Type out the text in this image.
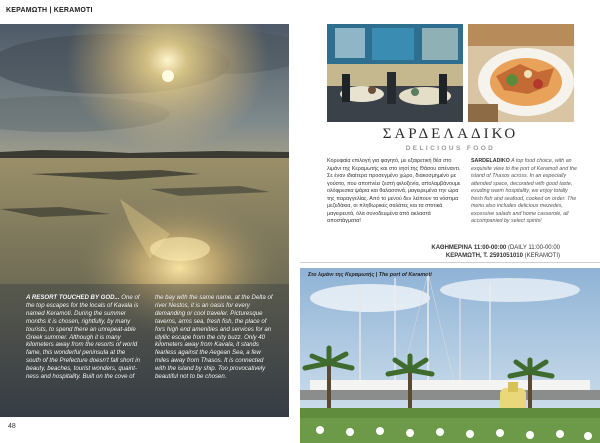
ΚΕΡΑΜΩΤΗ | KERAMOTI
A RESORT TOUCHED BY GOD... One of the top escapes for the locals of Kavala is named Keramoti. During the summer months it is chosen, rightfully, by many tourists, to spend there an unrepeat-able Greek summer. Although it is many kilometers away from the resorts of world fame, this wonderful peninsula at the south of the Prefecture doesn't fall short in beauty, beaches, tourist wonders, quaint-ness and hospitality. Built on the cove of
the bay with the same name, at the Delta of river Nestos, it is an oasis for every demanding or cool traveler. Picturesque taverns, arms sea, fresh fish, the place of fors high end amenities and services for an idyllic escape from the city buzz. Only 40 kilometers away from Kavala, it stands fearless against the Aegean Sea, a few miles away from Thasos. It is connected with the island by ship. Too provocatively beautiful not to be chosen.
48
ΣΑΡΔΕΛΑΔΙΚΟ
DELICIOUS FOOD
Κορυφαία επιλογή για φαγητό, με εξαιρετική θέα στο λιμάνι της Κεραμωτής και στο νησί της Θάσου απέναντι. Σε έναν ιδιαίτερα προσεγμένο χώρο, διακοσμημένο με γούστο, που αποπνέει ζεστή φιλοξενία, απολαμβάνουμε ολόφρεσκα ψάρια και θαλασσινά, μαγειρεμένα την ώρα της παραγγελίας. Από το μενού δεν λείπουν τα νόστιμα μεζεδάκια, οι πληθωρικές σαλάτες και τα σπιτικά μαγειρευτά, όλα συνοδευμένα από ακλαστά αποστάγματα!
SARDELADIKO A top food choice, with an exquisite view to the port of Keramoti and the island of Thasos across. In an especially attended space, decorated with good taste, exuding warm hospitality, we enjoy totally fresh fish and seafood, cooked on order. The menu also includes delicious mezedes, excessive salads and home casserole, all accompanied by select spirits!
ΚΑΘΗΜΕΡΙΝΑ 11:00-00:00 (DAILY 11:00-00:00
ΚΕΡΑΜΩΤΗ, Τ. 2591051010 (KERAMOTI)
Στο λιμάνι της Κεραμωτής | The port of Keramoti
